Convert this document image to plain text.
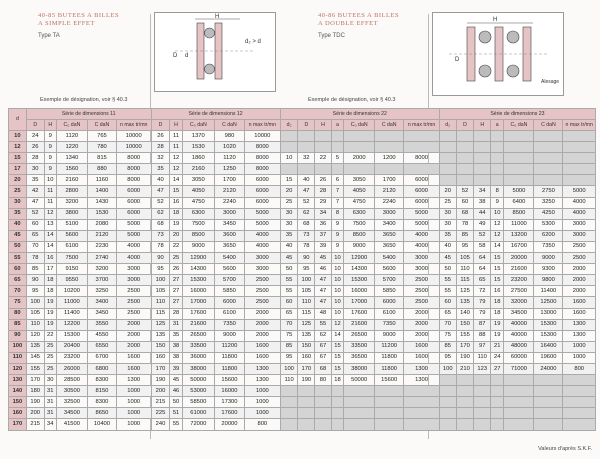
40-85 BUTEES A BILLES
A SIMPLE EFFET
Type TA
H
d₂ > d
D d
Exemple de désignation, voir § 40.3
40-86 BUTEES A BILLES
A DOUBLE EFFET
Type TDC
H
Alesage
D
Exemple de désignation, voir § 40.3
d	Série de dimensions 11					Série de dimensions 12					Série de dimensions 22							Série de dimensions 23						
	D	H	C₀ daN	C daN	n max tr/mn	D	H	C₀ daN	C daN	n max tr/mn	d₂	D	H	a	C₀ daN	C daN	n max tr/mn	d₂	D	H	a	C₀ daN	C daN	n max tr/mn
10	24	9	1120	765	10000	26	11	1370	980	10000														
12	26	9	1220	780	10000	28	11	1530	1020	8000														
15	28	9	1340	815	8000	32	12	1860	1120	8000	10	32	22	5	2000	1200	8000							
17	30	9	1560	880	8000	35	12	2160	1250	8000														
20	35	10	2160	1160	8000	40	14	3050	1700	6000	15	40	26	6	3050	1700	6000							
25	42	11	2800	1400	6000	47	15	4050	2120	6000	20	47	28	7	4050	2120	6000	20	52	34	8	5000	2750	5000
30	47	11	3200	1430	6000	52	16	4750	2240	6000	25	52	29	7	4750	2240	6000	25	60	38	9	6400	3250	4000
35	52	12	3800	1530	6000	62	18	6300	3000	5000	30	62	34	8	6300	3000	5000	30	68	44	10	8500	4250	4000
40	60	13	5100	2080	5000	68	19	7500	3450	5000	30	68	36	9	7500	3400	5000	30	78	49	12	11000	5300	3000
45	65	14	5600	2120	5000	73	20	8500	3600	4000	35	73	37	9	8500	3650	4000	35	85	52	12	13200	6200	3000
50	70	14	6100	2230	4000	78	22	9000	3650	4000	40	78	39	9	9000	3650	4000	40	95	58	14	16700	7350	2500
55	78	16	7500	2740	4000	90	25	12900	5400	3000	45	90	45	10	12900	5400	3000	45	105	64	15	20000	9000	2500
60	85	17	9150	3200	3000	95	26	14300	5600	3000	50	95	46	10	14300	5600	3000	50	110	64	15	21600	9300	2000
65	90	18	9550	3700	3000	100	27	15300	5700	2500	55	100	47	10	15300	5700	2500	55	115	65	15	23200	9800	2000
70	95	18	10200	3250	2500	105	27	16000	5850	2500	55	105	47	10	16000	5850	2500	55	125	72	16	27500	11400	2000
75	100	19	11000	3400	2500	110	27	17000	6000	2500	60	110	47	10	17000	6000	2500	60	135	79	18	32000	12500	1600
80	105	19	11400	3450	2500	115	28	17600	6100	2000	65	115	48	10	17600	6100	2000	65	140	79	18	34500	13000	1600
85	110	19	12200	3550	2000	125	31	21600	7350	2000	70	125	55	12	21600	7350	2000	70	150	87	19	40000	15300	1300
90	120	22	15300	4550	2000	135	35	26500	9000	2000	75	135	62	14	26500	9000	2000	75	155	88	19	40000	15300	1300
100	135	25	20400	6550	2000	150	38	33500	11200	1600	85	150	67	15	33500	11200	1600	85	170	97	21	48000	16400	1000
110	145	25	23200	6700	1600	160	38	36000	11800	1600	95	160	67	15	36500	11800	1600	95	190	110	24	60000	19600	1000
120	155	25	26000	6800	1600	170	39	38000	11800	1300	100	170	68	15	38000	11800	1300	100	210	123	27	71000	24000	800
130	170	30	28500	8300	1300	190	45	50000	15600	1300	110	190	80	18	50000	15600	1300							
140	180	31	30500	8150	1000	200	46	53000	16000	1000														
150	190	31	32500	8300	1000	215	50	58500	17300	1000														
160	200	31	34500	8650	1000	225	51	61000	17600	1000														
170	215	34	41500	10400	1000	240	55	72000	20000	800														
Valeurs d'après S.K.F.
